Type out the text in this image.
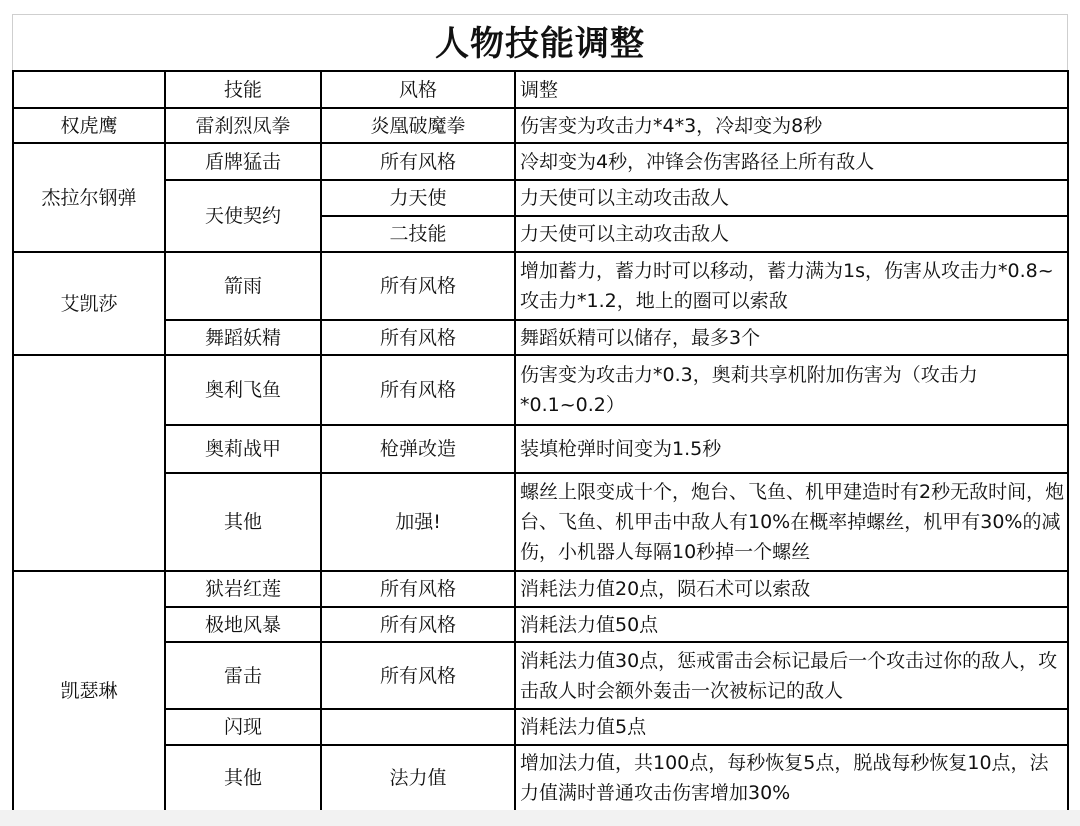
人物技能调整
	技能	风格	调整
权虎鹰	雷刹烈凤拳	炎凰破魔拳	伤害变为攻击力*4*3，冷却变为8秒
杰拉尔钢弹	盾牌猛击	所有风格	冷却变为4秒，冲锋会伤害路径上所有敌人
	天使契约	力天使	力天使可以主动攻击敌人
		二技能	力天使可以主动攻击敌人
艾凯莎	箭雨	所有风格	增加蓄力，蓄力时可以移动，蓄力满为1s，伤害从攻击力*0.8~攻击力*1.2，地上的圈可以索敌
	舞蹈妖精	所有风格	舞蹈妖精可以储存，最多3个
	奥利飞鱼	所有风格	伤害变为攻击力*0.3，奥莉共享机附加伤害为（攻击力*0.1~0.2）
	奥莉战甲	枪弹改造	装填枪弹时间变为1.5秒
	其他	加强!	螺丝上限变成十个，炮台、飞鱼、机甲建造时有2秒无敌时间，炮台、飞鱼、机甲击中敌人有10%在概率掉螺丝，机甲有30%的减伤，小机器人每隔10秒掉一个螺丝
凯瑟琳	狱岩红莲	所有风格	消耗法力值20点，陨石术可以索敌
	极地风暴	所有风格	消耗法力值50点
	雷击	所有风格	消耗法力值30点，惩戒雷击会标记最后一个攻击过你的敌人，攻击敌人时会额外轰击一次被标记的敌人
	闪现		消耗法力值5点
	其他	法力值	增加法力值，共100点，每秒恢复5点，脱战每秒恢复10点，法力值满时普通攻击伤害增加30%
